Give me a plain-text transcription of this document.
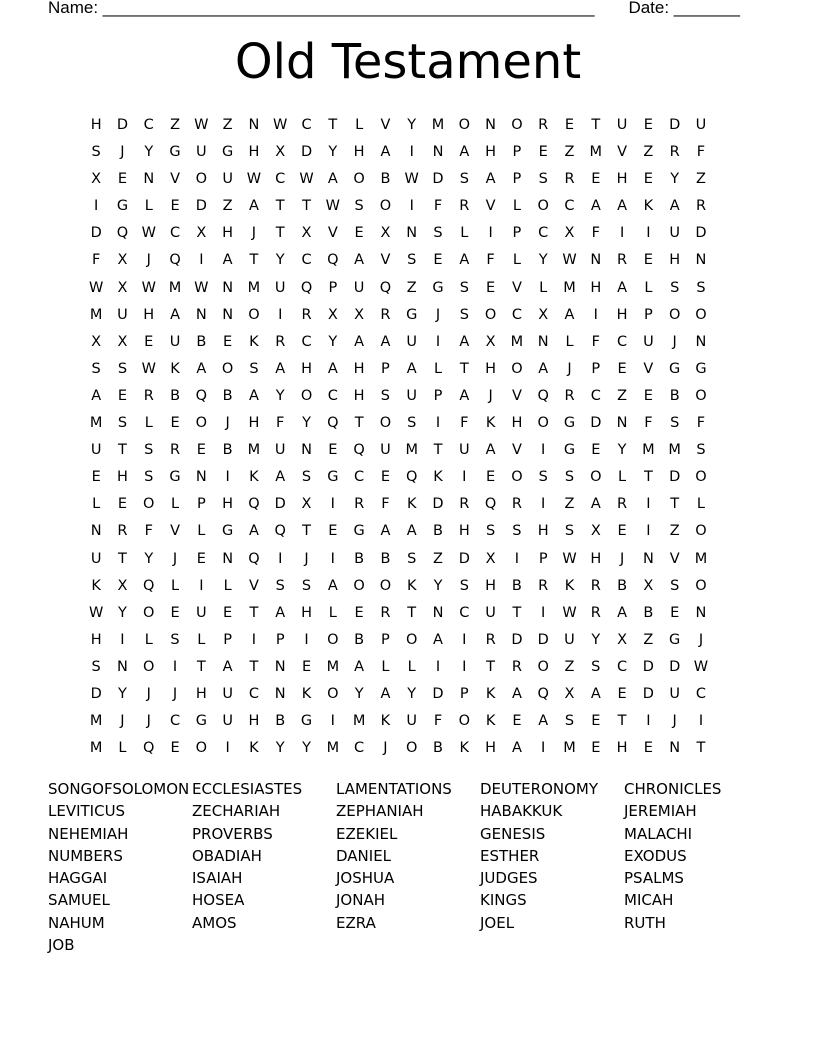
Name: ____________________________________________________ Date: _______
Old Testament
H	D	C	Z W Z	N W C	T	L	V	Y	M O	N	O	R	E	T	U	E	D	U
S	J	Y	G	U	G	H	X	D	Y	H	A	I	N	A	H	P	E	Z	M	V	Z	R	F
X	E	N	V	O	U W C W A	O	B W D	S	A	P	S	R	E	H	E	Y	Z
I	G	L	E	D	Z	A	T	T	W	S	O	I	F	R	V	L	O	C	A	A	K	A	R
D	Q W C	X	H	J	T	X	V	E	X	N	S	L	I	P	C	X	F	I	I	U	D
F	X	J	Q	I	A	T	Y	C	Q	A	V	S	E	A	F	L	Y	W N	R	E	H	N
W X W M W N	M	U	Q	P	U	Q	Z	G	S	E	V	L	M	H	A	L	S	S
M	U	H	A	N	N	O	I	R	X	X	R	G	J	S	O	C	X	A	I	H	P	O	O
X	X	E	U	B	E	K	R	C	Y	A	A	U	I	A	X	M	N	L	F	C	U	J	N
S	S	W K	A	O	S	A	H	A	H	P	A	L	T	H	O	A	J	P	E	V	G	G
A	E	R	B	Q	B	A	Y	O	C	H	S	U	P	A	J	V	Q	R	C	Z	E	B	O
M	S	L	E	O	J	H	F	Y	Q	T	O	S	I	F	K	H	O	G	D	N	F	S	F
U	T	S	R	E	B	M	U	N	E	Q	U	M	T	U	A	V	I	G	E	Y	M M	S
E	H	S	G	N	I	K	A	S	G	C	E	Q	K	I	E	O	S	S	O	L	T	D	O
L	E	O	L	P	H	Q	D	X	I	R	F	K	D	R	Q	R	I	Z	A	R	I	T	L
N	R	F	V	L	G	A	Q	T	E	G	A	A	B	H	S	S	H	S	X	E	I	Z	O
U	T	Y	J	E	N	Q	I	J	I	B	B	S	Z	D	X	I	P	W H	J	N	V	M
K	X	Q	L	I	L	V	S	S	A	O	O	K	Y	S	H	B	R	K	R	B	X	S	O
W	Y	O	E	U	E	T	A	H	L	E	R	T	N	C	U	T	I	W R	A	B	E	N
H	I	L	S	L	P	I	P	I	O	B	P	O	A	I	R	D	D	U	Y	X	Z	G	J
S	N	O	I	T	A	T	N	E	M	A	L	L	I	I	T	R	O	Z	S	C	D	D W
D	Y	J	J	H	U	C	N	K	O	Y	A	Y	D	P	K	A	Q	X	A	E	D	U	C
M	J	J	C	G	U	H	B	G	I	M	K	U	F	O	K	E	A	S	E	T	I	J	I
M	L	Q	E	O	I	K	Y	Y	M	C	J	O	B	K	H	A	I	M	E	H	E	N	T
SONGOFSOLOMON ECCLESIASTES	LAMENTATIONS	DEUTERONOMY	CHRONICLES
LEVITICUS	ZECHARIAH	ZEPHANIAH	HABAKKUK	JEREMIAH
NEHEMIAH	PROVERBS	EZEKIEL	GENESIS	MALACHI
NUMBERS	OBADIAH	DANIEL	ESTHER	EXODUS
HAGGAI	ISAIAH	JOSHUA	JUDGES	PSALMS
SAMUEL	HOSEA	JONAH	KINGS	MICAH
NAHUM	AMOS	EZRA	JOEL	RUTH
JOB
